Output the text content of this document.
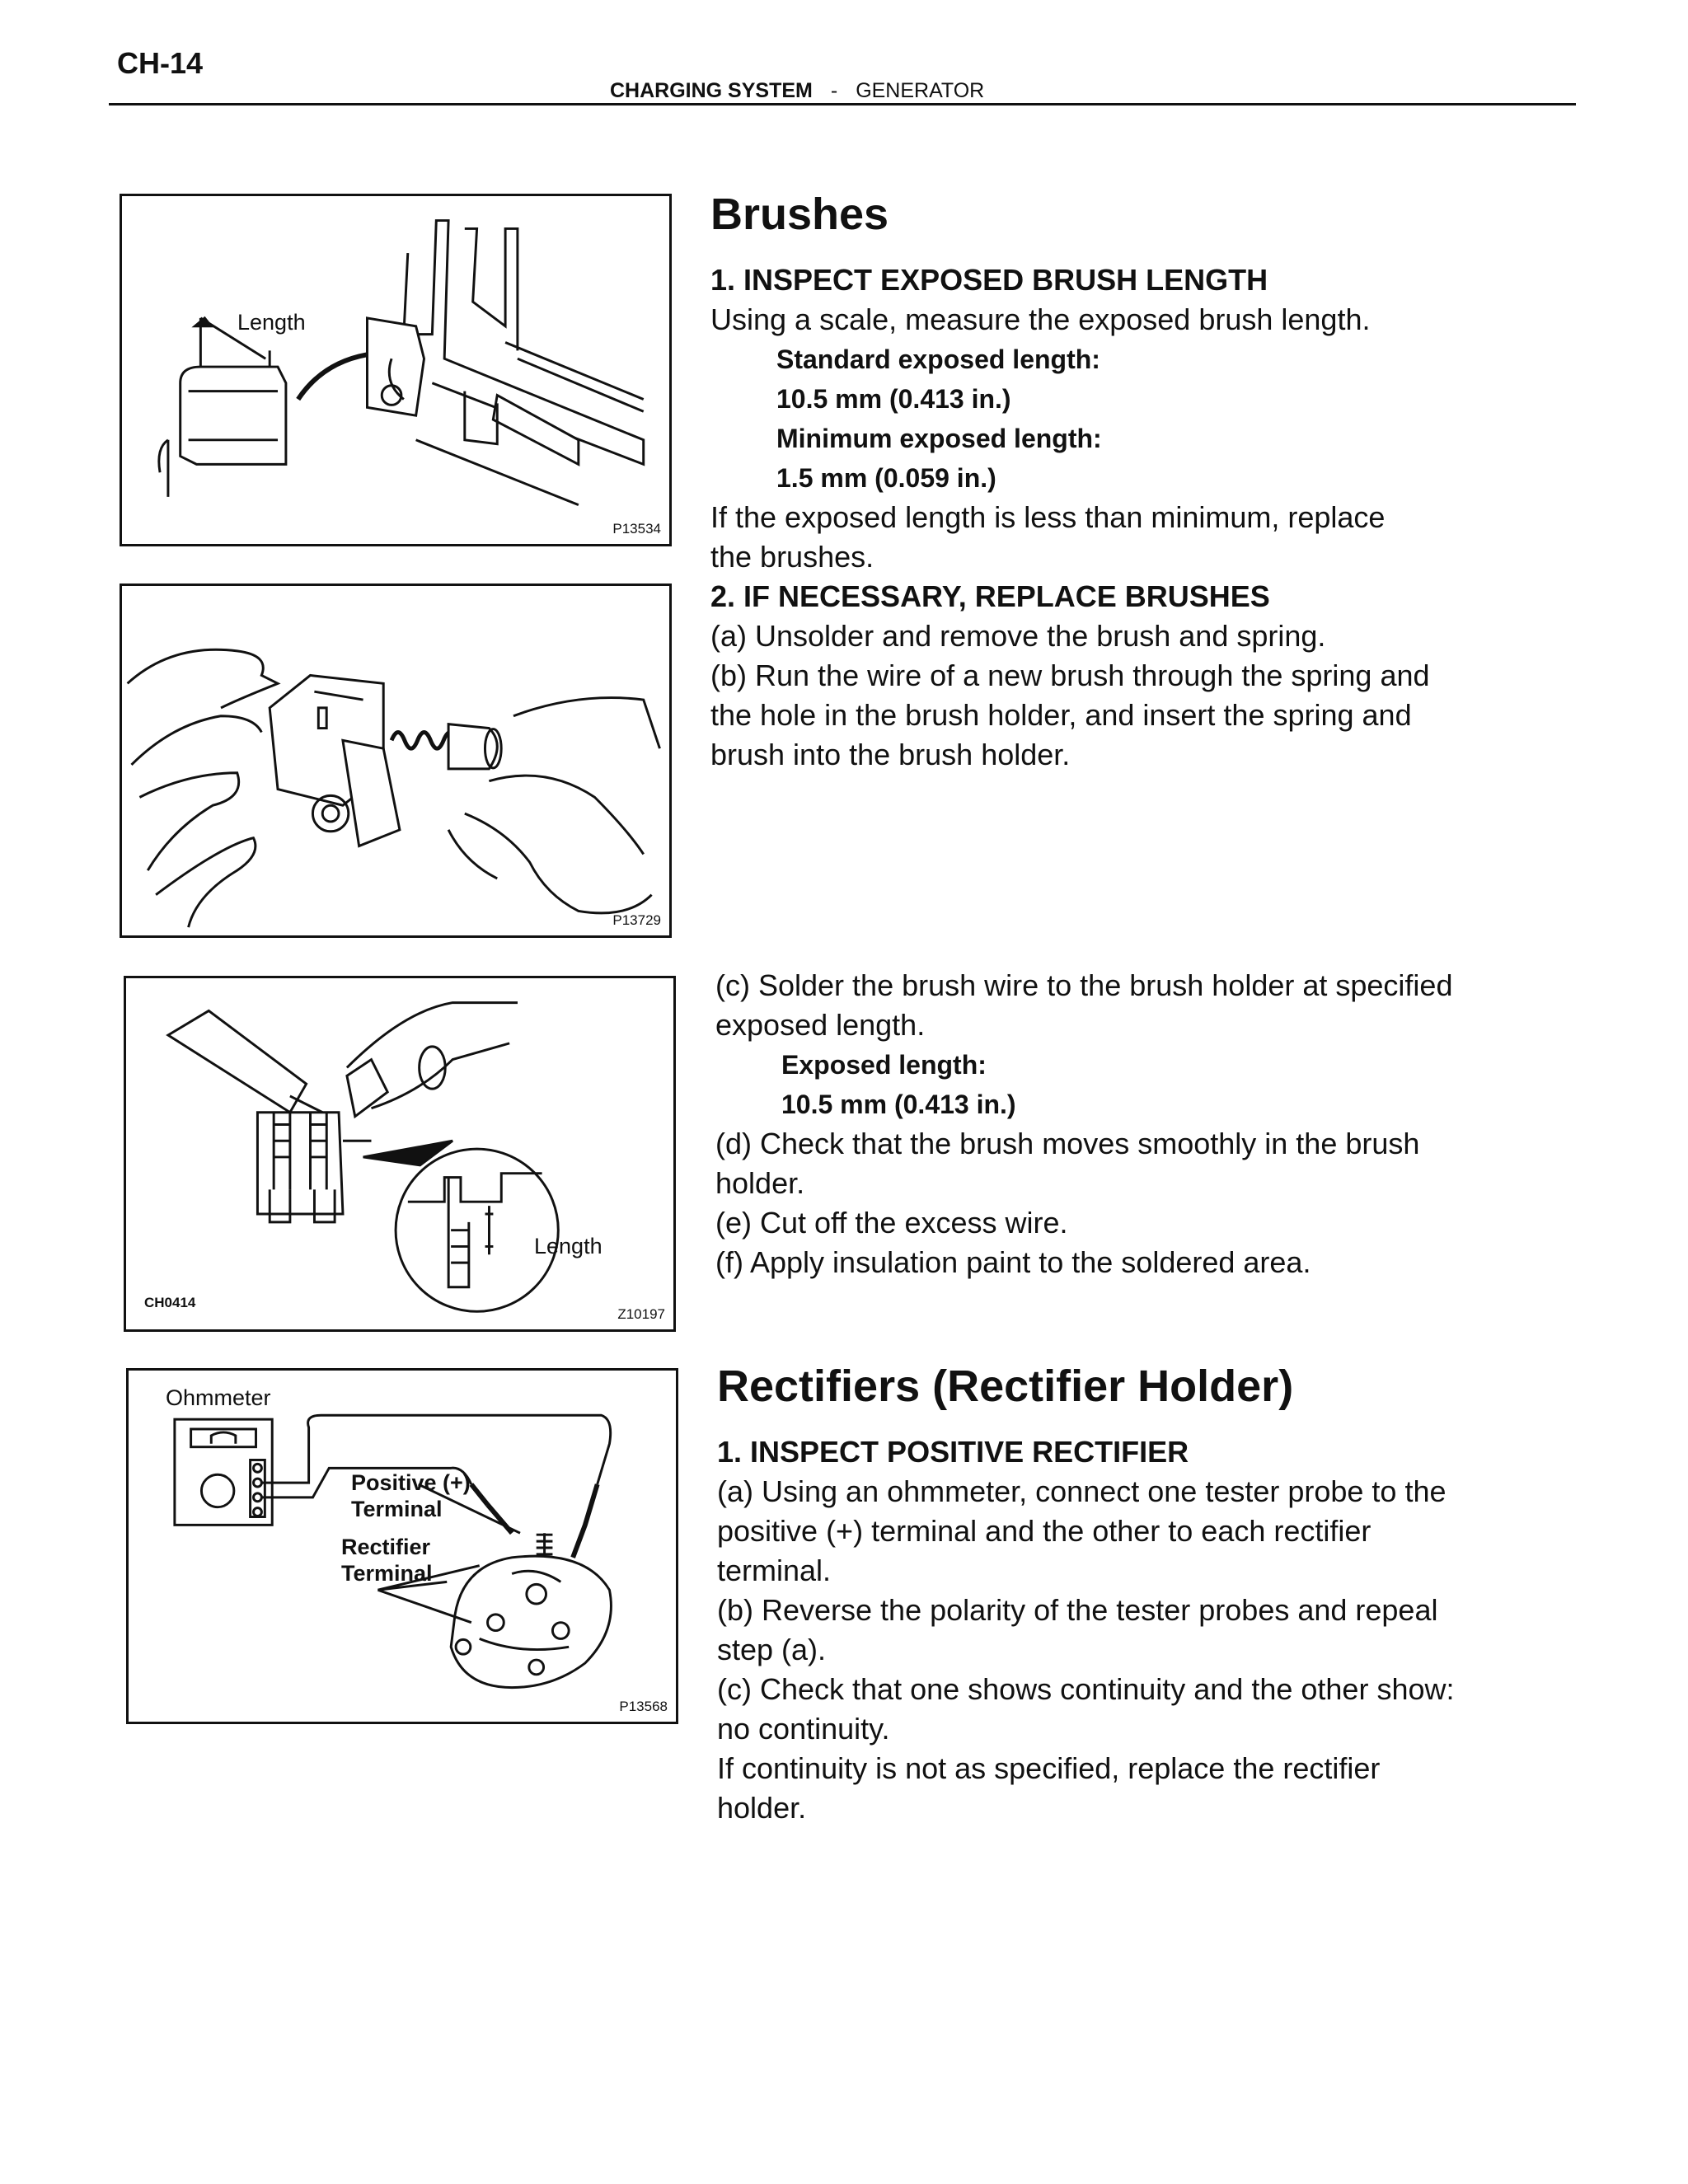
CH-14
CHARGING SYSTEM - GENERATOR
Length
P13534
P13729
Length
CH0414
Z10197
Ohmmeter
Positive (+)
Terminal
Rectifier
Terminal
P13568
Brushes

1. INSPECT EXPOSED BRUSH LENGTH

Using a scale, measure the exposed brush length.

Standard exposed length:

10.5 mm (0.413 in.)

Minimum exposed length:

1.5 mm (0.059 in.)

If the exposed length is less than minimum, replace

the brushes.

2. IF NECESSARY, REPLACE BRUSHES

(a) Unsolder and remove the brush and spring.

(b) Run the wire of a new brush through the spring and

the hole in the brush holder, and insert the spring and

brush into the brush holder.

(c) Solder the brush wire to the brush holder at specified

exposed length.

Exposed length:

10.5 mm (0.413 in.)

(d) Check that the brush moves smoothly in the brush

holder.

(e) Cut off the excess wire.

(f) Apply insulation paint to the soldered area.

Rectifiers (Rectifier Holder)

1. INSPECT POSITIVE RECTIFIER

(a) Using an ohmmeter, connect one tester probe to the

positive (+) terminal and the other to each rectifier

terminal.

(b) Reverse the polarity of the tester probes and repeal

step (a).

(c) Check that one shows continuity and the other show:

no continuity.

If continuity is not as specified, replace the rectifier

holder.
